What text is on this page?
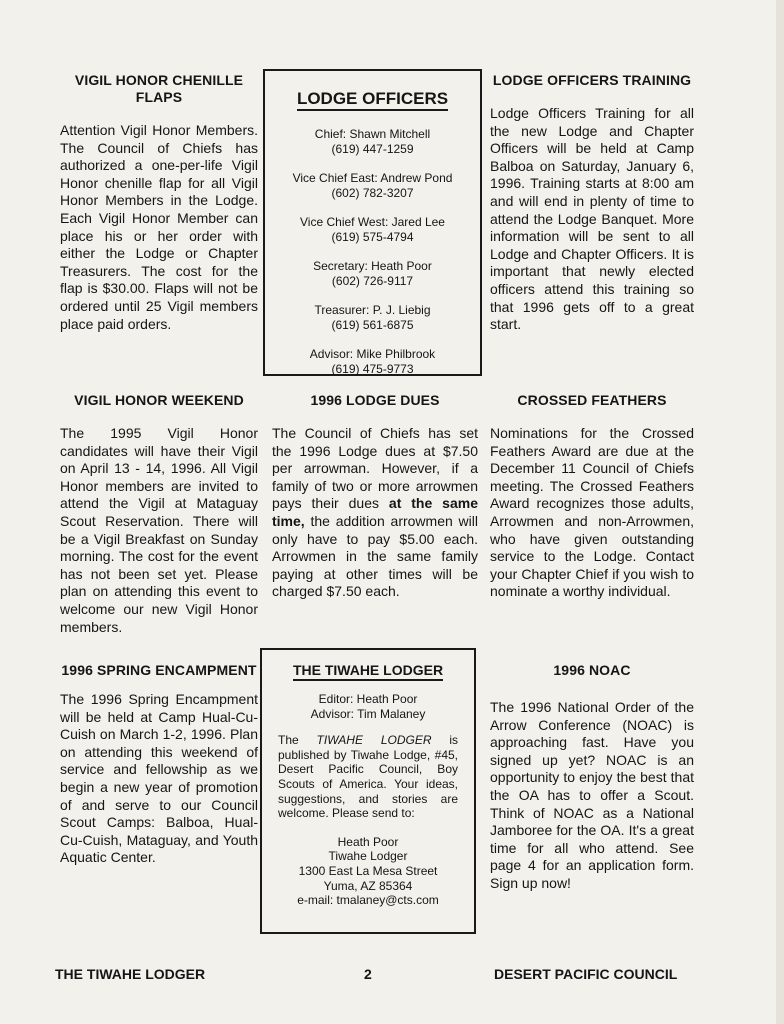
VIGIL HONOR CHENILLE FLAPS

Attention Vigil Honor Members. The Council of Chiefs has authorized a one-per-life Vigil Honor chenille flap for all Vigil Honor Members in the Lodge. Each Vigil Honor Member can place his or her order with either the Lodge or Chapter Treasurers. The cost for the flap is $30.00. Flaps will not be ordered until 25 Vigil members place paid orders.

VIGIL HONOR WEEKEND

The 1995 Vigil Honor candidates will have their Vigil on April 13 - 14, 1996. All Vigil Honor members are invited to attend the Vigil at Mataguay Scout Reservation. There will be a Vigil Breakfast on Sunday morning. The cost for the event has not been set yet. Please plan on attending this event to welcome our new Vigil Honor members.

1996 SPRING ENCAMPMENT

The 1996 Spring Encampment will be held at Camp Hual-Cu-Cuish on March 1-2, 1996. Plan on attending this weekend of service and fellowship as we begin a new year of promotion of and serve to our Council Scout Camps: Balboa, Hual-Cu-Cuish, Mataguay, and Youth Aquatic Center.

LODGE OFFICERS
Chief: Shawn Mitchell
(619) 447-1259
Vice Chief East: Andrew Pond
(602) 782-3207
Vice Chief West: Jared Lee
(619) 575-4794
Secretary: Heath Poor
(602) 726-9117
Treasurer: P. J. Liebig
(619) 561-6875
Advisor: Mike Philbrook
(619) 475-9773
1996 LODGE DUES

The Council of Chiefs has set the 1996 Lodge dues at $7.50 per arrowman. However, if a family of two or more arrowmen pays their dues at the same time, the addition arrowmen will only have to pay $5.00 each. Arrowmen in the same family paying at other times will be charged $7.50 each.

THE TIWAHE LODGER
Editor: Heath Poor
Advisor: Tim Malaney
The TIWAHE LODGER is published by Tiwahe Lodge, #45, Desert Pacific Council, Boy Scouts of America. Your ideas, suggestions, and stories are welcome. Please send to:
Heath Poor
Tiwahe Lodger
1300 East La Mesa Street
Yuma, AZ 85364
e-mail: tmalaney@cts.com
LODGE OFFICERS TRAINING

Lodge Officers Training for all the new Lodge and Chapter Officers will be held at Camp Balboa on Saturday, January 6, 1996. Training starts at 8:00 am and will end in plenty of time to attend the Lodge Banquet. More information will be sent to all Lodge and Chapter Officers. It is important that newly elected officers attend this training so that 1996 gets off to a great start.

CROSSED FEATHERS

Nominations for the Crossed Feathers Award are due at the December 11 Council of Chiefs meeting. The Crossed Feathers Award recognizes those adults, Arrowmen and non-Arrowmen, who have given outstanding service to the Lodge. Contact your Chapter Chief if you wish to nominate a worthy individual.

1996 NOAC

The 1996 National Order of the Arrow Conference (NOAC) is approaching fast. Have you signed up yet? NOAC is an opportunity to enjoy the best that the OA has to offer a Scout. Think of NOAC as a National Jamboree for the OA. It's a great time for all who attend. See page 4 for an application form. Sign up now!

THE TIWAHE LODGER	2	DESERT PACIFIC COUNCIL
